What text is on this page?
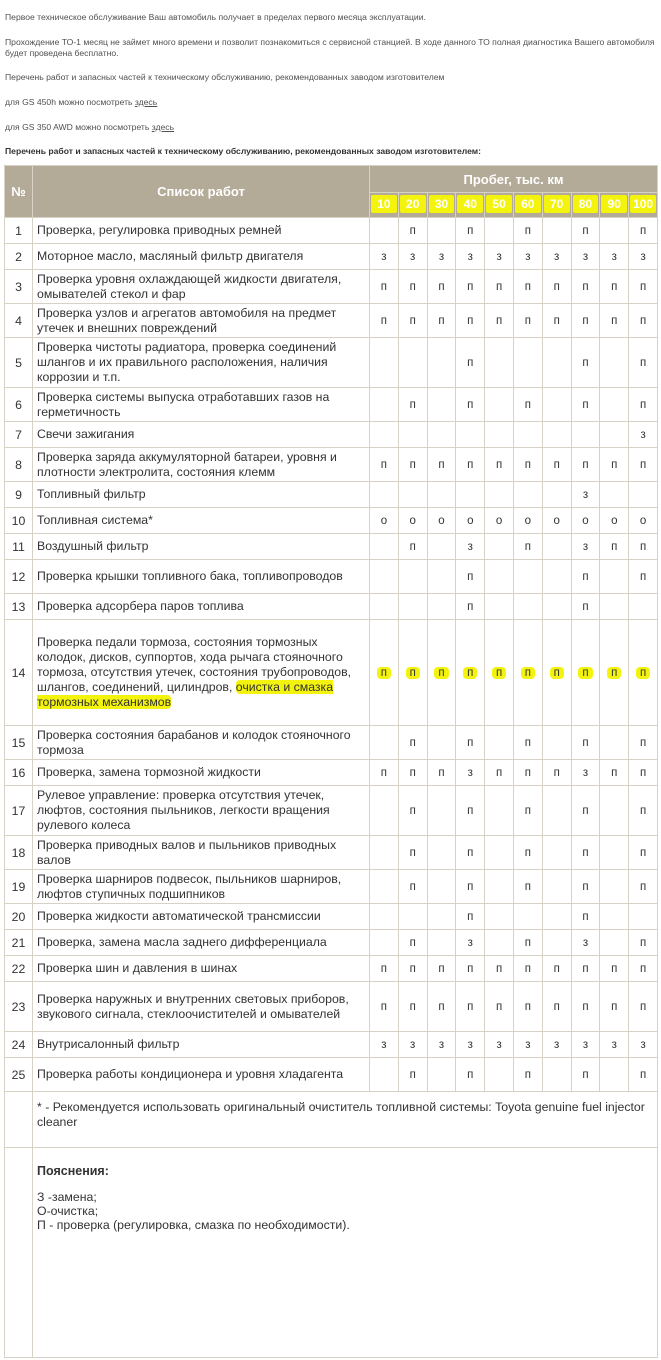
Первое техническое обслуживание Ваш автомобиль получает в пределах первого месяца эксплуатации.
Прохождение ТО-1 месяц не займет много времени и позволит познакомиться с сервисной станцией. В ходе данного ТО полная диагностика Вашего автомобиля будет проведена бесплатно.
Перечень работ и запасных частей к техническому обслуживанию, рекомендованных заводом изготовителем
для GS 450h можно посмотреть здесь
для GS 350 AWD можно посмотреть здесь
Перечень работ и запасных частей к техническому обслуживанию, рекомендованных заводом изготовителем:
№	Список работ	Пробег, тыс. км									

		10	20	30	40	50	60	70	80	90	100

1	Проверка, регулировка приводных ремней		п		п		п		п		п
2	Моторное масло, масляный фильтр двигателя	з	з	з	з	з	з	з	з	з	з
3	Проверка уровня охлаждающей жидкости двигателя, омывателей стекол и фар	п	п	п	п	п	п	п	п	п	п
4	Проверка узлов и агрегатов автомобиля на предмет утечек и внешних повреждений	п	п	п	п	п	п	п	п	п	п
5	Проверка чистоты радиатора, проверка соединений шлангов и их правильного расположения, наличия коррозии и т.п.				п				п		п
6	Проверка системы выпуска отработавших газов на герметичность		п		п		п		п		п
7	Свечи зажигания										з
8	Проверка заряда аккумуляторной батареи, уровня и плотности электролита, состояния клемм	п	п	п	п	п	п	п	п	п	п
9	Топливный фильтр								з		
10	Топливная система*	о	о	о	о	о	о	о	о	о	о
11	Воздушный фильтр		п		з		п		з	п	п
12	Проверка крышки топливного бака, топливопроводов				п				п		п
13	Проверка адсорбера паров топлива				п				п		
14	Проверка педали тормоза, состояния тормозных колодок, дисков, суппортов, хода рычага стояночного тормоза, отсутствия утечек, состояния трубопроводов, шлангов, соединений, цилиндров, очистка и смазка тормозных механизмов	п	п	п	п	п	п	п	п	п	п
15	Проверка состояния барабанов и колодок стояночного тормоза		п		п		п		п		п
16	Проверка, замена тормозной жидкости	п	п	п	з	п	п	п	з	п	п
17	Рулевое управление: проверка отсутствия утечек, люфтов, состояния пыльников, легкости вращения рулевого колеса		п		п		п		п		п
18	Проверка приводных валов и пыльников приводных валов		п		п		п		п		п
19	Проверка шарниров подвесок, пыльников шарниров, люфтов ступичных подшипников		п		п		п		п		п
20	Проверка жидкости автоматической трансмиссии				п				п		
21	Проверка, замена масла заднего дифференциала		п		з		п		з		п
22	Проверка шин и давления в шинах	п	п	п	п	п	п	п	п	п	п
23	Проверка наружных и внутренних световых приборов, звукового сигнала, стеклоочистителей и омывателей	п	п	п	п	п	п	п	п	п	п
24	Внутрисалонный фильтр	з	з	з	з	з	з	з	з	з	з
25	Проверка работы кондиционера и уровня хладагента		п		п		п		п		п
	* - Рекомендуется использовать оригинальный очиститель топливной системы: Toyota genuine fuel injector cleaner										

	Пояснения:
З -замена;
О-очистка;
П - проверка (регулировка, смазка по необходимости).										
